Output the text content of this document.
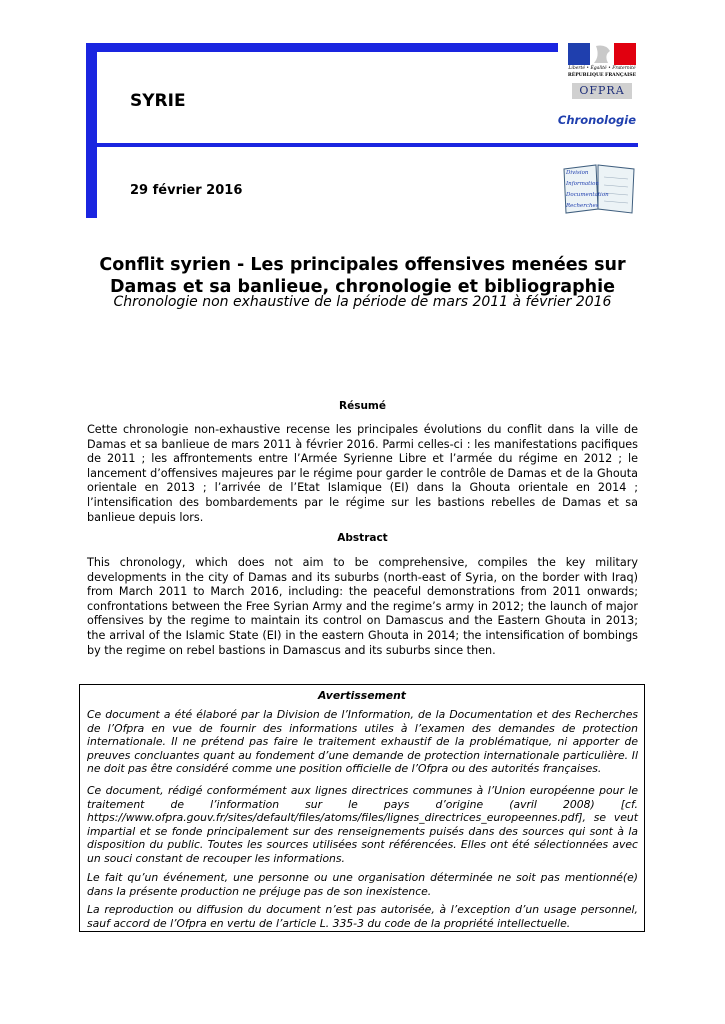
SYRIE
Chronologie
29 février 2016
Liberté • Égalité • Fraternité
RÉPUBLIQUE FRANÇAISE
OFPRA
Division
Information
Documentation
Recherches
Conflit syrien - Les principales offensives menées sur
Damas et sa banlieue, chronologie et bibliographie
Chronologie non exhaustive de la période de mars 2011 à février 2016
Résumé
Cette chronologie non-exhaustive recense les principales évolutions du conflit dans la ville de Damas et sa banlieue de mars 2011 à février 2016. Parmi celles-ci : les manifestations pacifiques de 2011 ; les affrontements entre l’Armée Syrienne Libre et l’armée du régime en 2012 ; le lancement d’offensives majeures par le régime pour garder le contrôle de Damas et de la Ghouta orientale en 2013 ; l’arrivée de l’Etat Islamique (EI) dans la Ghouta orientale en 2014 ; l’intensification des bombardements par le régime sur les bastions rebelles de Damas et sa banlieue depuis lors.
Abstract
This chronology, which does not aim to be comprehensive, compiles the key military developments in the city of Damas and its suburbs (north-east of Syria, on the border with Iraq) from March 2011 to March 2016, including: the peaceful demonstrations from 2011 onwards; confrontations between the Free Syrian Army and the regime’s army in 2012; the launch of major offensives by the regime to maintain its control on Damascus and the Eastern Ghouta in 2013; the arrival of the Islamic State (EI) in the eastern Ghouta in 2014; the intensification of bombings by the regime on rebel bastions in Damascus and its suburbs since then.
Avertissement
Ce document a été élaboré par la Division de l’Information, de la Documentation et des Recherches de l’Ofpra en vue de fournir des informations utiles à l’examen des demandes de protection internationale. Il ne prétend pas faire le traitement exhaustif de la problématique, ni apporter de preuves concluantes quant au fondement d’une demande de protection internationale particulière. Il ne doit pas être considéré comme une position officielle de l’Ofpra ou des autorités françaises.
Ce document, rédigé conformément aux lignes directrices communes à l’Union européenne pour le traitement de l’information sur le pays d’origine (avril 2008) [cf. https://www.ofpra.gouv.fr/sites/default/files/atoms/files/lignes_directrices_europeennes.pdf], se veut impartial et se fonde principalement sur des renseignements puisés dans des sources qui sont à la disposition du public. Toutes les sources utilisées sont référencées. Elles ont été sélectionnées avec un souci constant de recouper les informations.
Le fait qu’un événement, une personne ou une organisation déterminée ne soit pas mentionné(e) dans la présente production ne préjuge pas de son inexistence.
La reproduction ou diffusion du document n’est pas autorisée, à l’exception d’un usage personnel, sauf accord de l’Ofpra en vertu de l’article L. 335-3 du code de la propriété intellectuelle.
